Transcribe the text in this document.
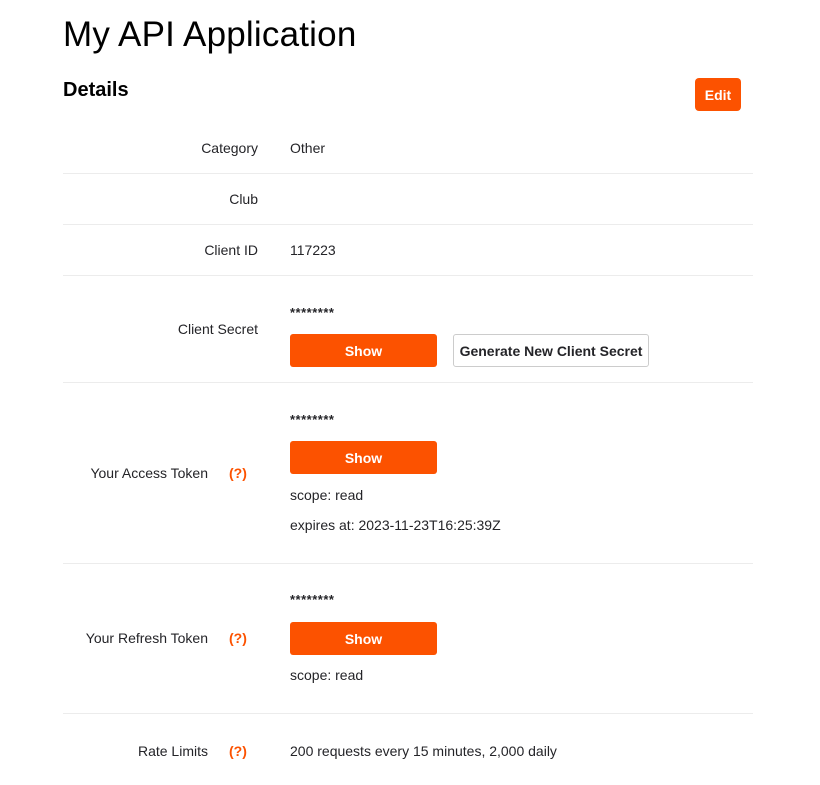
My API Application
Details	Edit
Category Other
Club
Client ID 117223
Client Secret
********
Show	Generate New Client Secret
Your Access Token (?)
********
Show
scope: read
expires at: 2023-11-23T16:25:39Z
Your Refresh Token (?)
********
Show
scope: read
Rate Limits (?)	200 requests every 15 minutes, 2,000 daily
